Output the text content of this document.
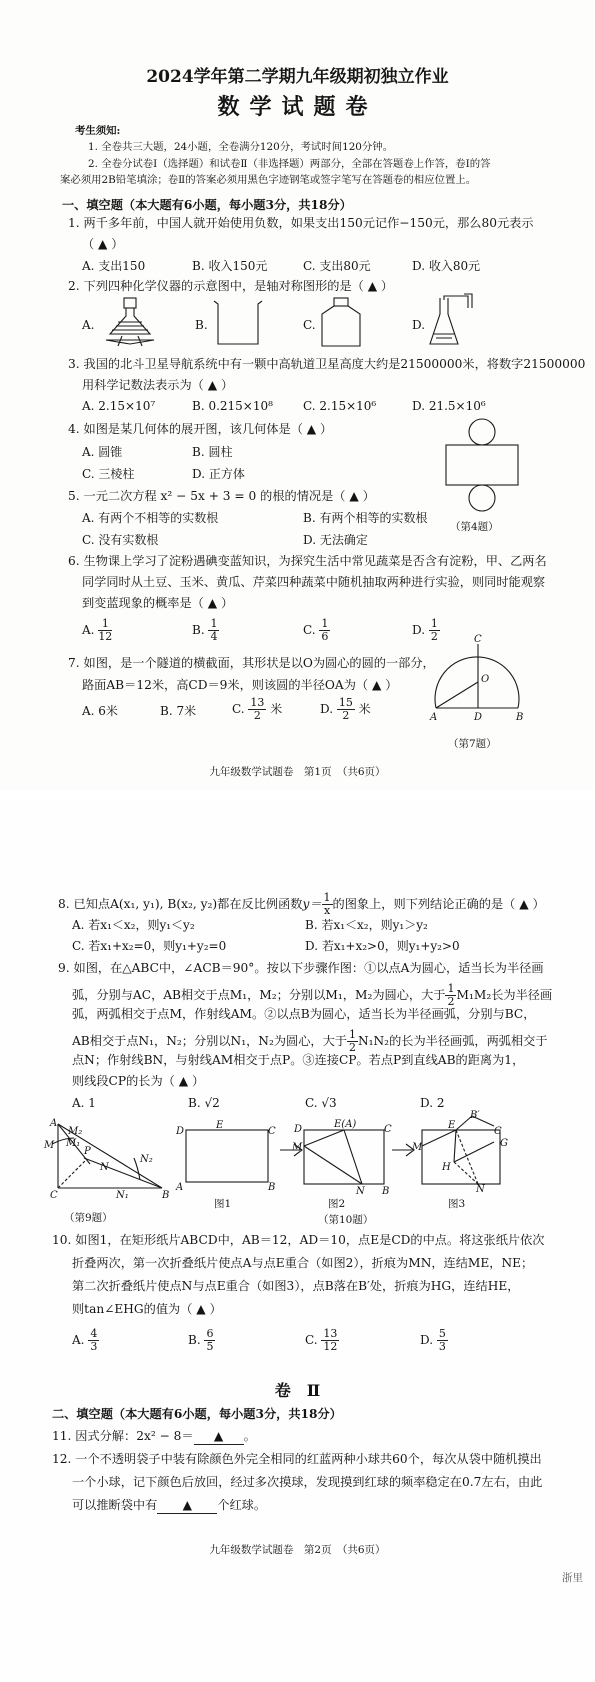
2024学年第二学期九年级期初独立作业
数学试题卷
考生须知:
1. 全卷共三大题，24小题，全卷满分120分，考试时间120分钟。
2. 全卷分试卷Ⅰ（选择题）和试卷Ⅱ（非选择题）两部分，全部在答题卷上作答，卷Ⅰ的答
案必须用2B铅笔填涂；卷Ⅱ的答案必须用黑色字迹钢笔或签字笔写在答题卷的相应位置上。
一、填空题（本大题有6小题，每小题3分，共18分）
1. 两千多年前，中国人就开始使用负数，如果支出150元记作−150元，那么80元表示
（ ▲ ）
A. 支出150	B. 收入150元	C. 支出80元	D. 收入80元
2. 下列四种化学仪器的示意图中，是轴对称图形的是（ ▲ ）
A.	B.	C.	D.
3. 我国的北斗卫星导航系统中有一颗中高轨道卫星高度大约是21500000米，将数字21500000
用科学记数法表示为（ ▲ ）
A. 2.15×10⁷	B. 0.215×10⁸	C. 2.15×10⁶	D. 21.5×10⁶
4. 如图是某几何体的展开图，该几何体是（ ▲ ）
A. 圆锥	B. 圆柱
C. 三棱柱	D. 正方体
（第4题）
5. 一元二次方程 x² − 5x + 3 = 0 的根的情况是（ ▲ ）
A. 有两个不相等的实数根	B. 有两个相等的实数根
C. 没有实数根	D. 无法确定
6. 生物课上学习了淀粉遇碘变蓝知识，为探究生活中常见蔬菜是否含有淀粉，甲、乙两名
同学同时从土豆、玉米、黄瓜、芹菜四种蔬菜中随机抽取两种进行实验，则同时能观察
到变蓝现象的概率是（ ▲ ）
A. $\frac{1}{12}$	B. $\frac{1}{4}$	C. $\frac{1}{6}$	D. $\frac{1}{2}$
7. 如图，是一个隧道的横截面，其形状是以O为圆心的圆的一部分，
路面AB＝12米，高CD＝9米，则该圆的半径OA为（ ▲ ）
A. 6米	B. 7米	C. $\frac{13}{2}$ 米	D. $\frac{15}{2}$ 米
C
O
A	D	B
（第7题）
九年级数学试题卷　第1页　（共6页）
8. 已知点A(x₁, y₁), B(x₂, y₂)都在反比例函数$y= \frac{1}{x}$ 的图象上，则下列结论正确的是（ ▲ ）
A. 若x₁＜x₂，则y₁＜y₂	B. 若x₁＜x₂，则y₁＞y₂
C. 若x₁+x₂=0，则y₁+y₂=0	D. 若x₁+x₂>0，则y₁+y₂>0
9. 如图，在△ABC中，∠ACB＝90°。按以下步骤作图：①以点A为圆心，适当长为半径画
弧，分别与AC，AB相交于点M₁，M₂；分别以M₁，M₂为圆心，大于 $\frac{1}{2} M_1M_2$长为半径画
弧，两弧相交于点M，作射线AM。②以点B为圆心，适当长为半径画弧，分别与BC，
AB相交于点N₁，N₂；分别以N₁，N₂为圆心，大于 $\frac{1}{2} N_1N_2$的长为半径画弧，两弧相交于
点N；作射线BN，与射线AM相交于点P。③连接CP。若点P到直线AB的距离为1，
则线段CP的长为（ ▲ ）
A. 1	B. √2	C. √3	D. 2
A
M
M₂
M₁
P
N
N₂
C	N₁	B
（第9题）
D
E
C
A	B
图1
D	E(A)	C
M
N B
图2
B′
E
C
G
H
M
N
图3
（第10题）
10. 如图1，在矩形纸片ABCD中，AB＝12，AD＝10，点E是CD的中点。将这张纸片依次
折叠两次，第一次折叠纸片使点A与点E重合（如图2），折痕为MN，连结ME，NE；
第二次折叠纸片使点N与点E重合（如图3），点B落在B′处，折痕为HG，连结HE，
则tan∠EHG的值为（ ▲ ）
A. $\frac{4}{3}$	B. $\frac{6}{5}$	C. $\frac{13}{12}$	D. $\frac{5}{3}$
卷　Ⅱ
二、填空题（本大题有6小题，每小题3分，共18分）
11. 因式分解：2x² − 8＝ ▲ 。
12. 一个不透明袋子中装有除颜色外完全相同的红蓝两种小球共60个，每次从袋中随机摸出
一个小球，记下颜色后放回，经过多次摸球，发现摸到红球的频率稳定在0.7左右，由此
可以推断袋中有 ▲ 个红球。
九年级数学试题卷　第2页　（共6页）
浙里
